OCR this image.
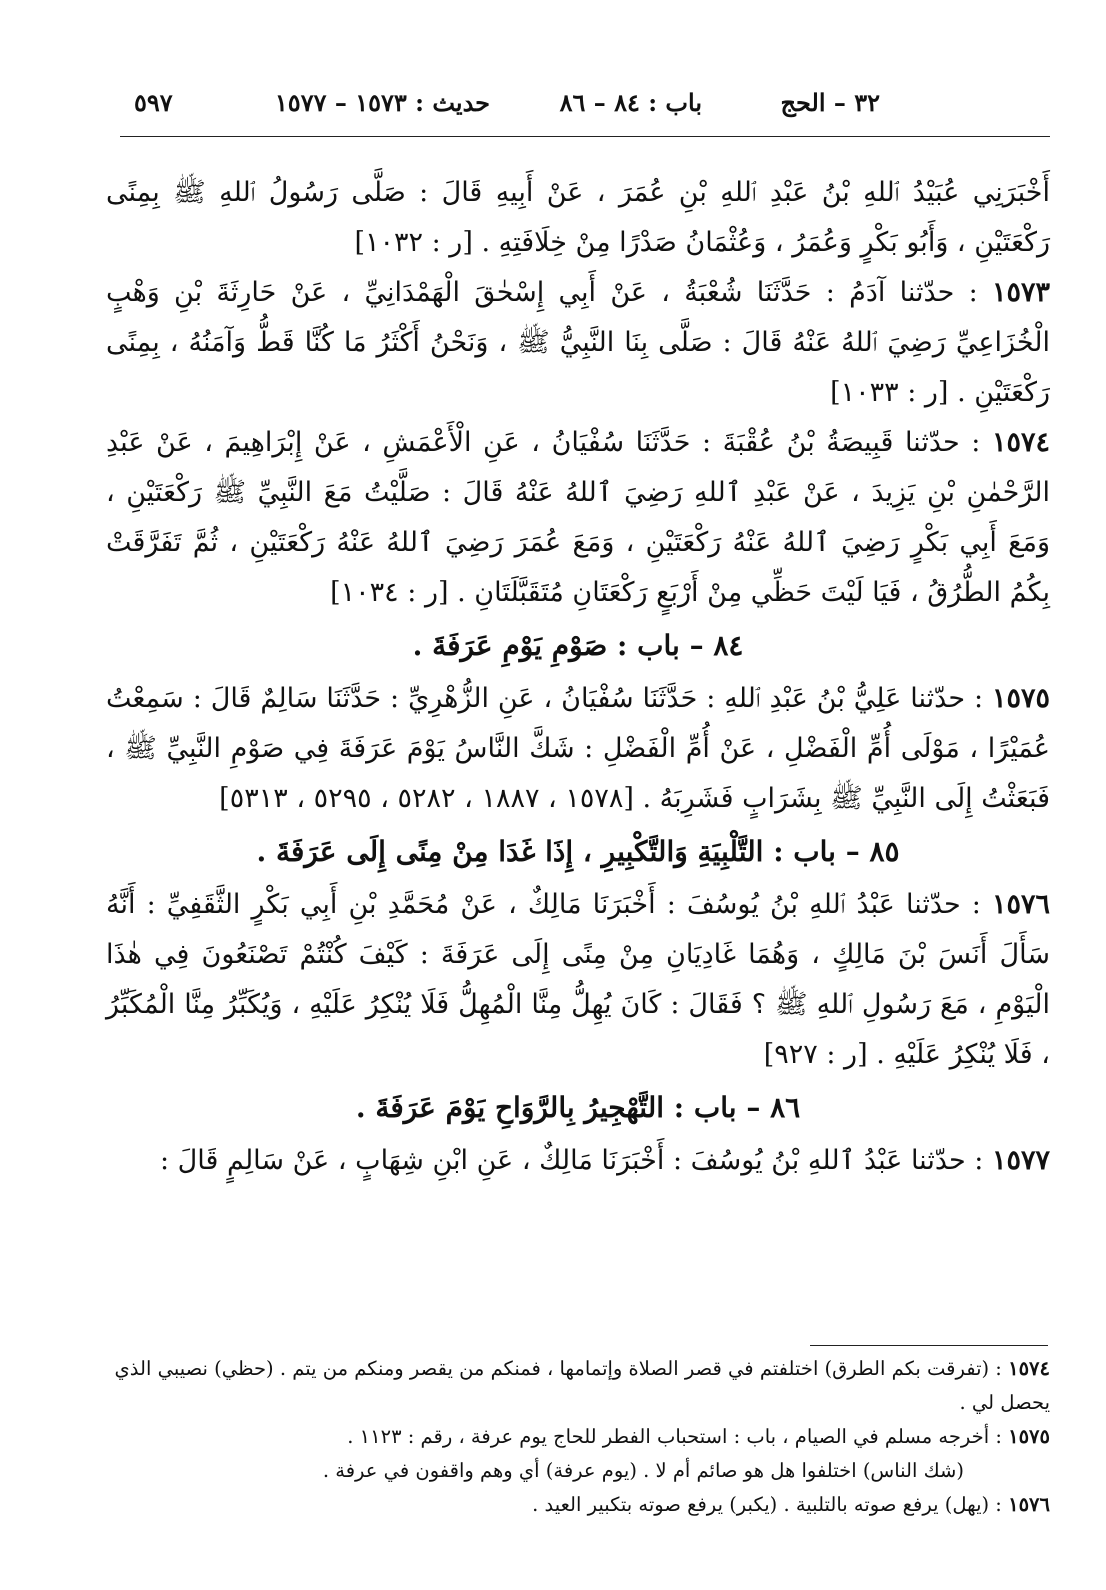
٣٢ – الحج
باب : ٨٤ – ٨٦
حديث : ١٥٧٣ – ١٥٧٧
٥٩٧

أَخْبَرَنِي عُبَيْدُ ٱللهِ بْنُ عَبْدِ ٱللهِ بْنِ عُمَرَ ، عَنْ أَبِيهِ قَالَ : صَلَّى رَسُولُ ٱللهِ ﷺ بِمِنًى رَكْعَتَيْنِ ، وَأَبُو بَكْرٍ وَعُمَرُ ، وَعُثْمَانُ صَدْرًا مِنْ خِلَافَتِهِ . [ر : ١٠٣٢]

١٥٧٣ : حدّثنا آدَمُ : حَدَّثَنَا شُعْبَةُ ، عَنْ أَبِي إِسْحٰقَ الْهَمْدَانِيِّ ، عَنْ حَارِثَةَ بْنِ وَهْبٍ الْخُزَاعِيِّ رَضِيَ ٱللهُ عَنْهُ قَالَ : صَلَّى بِنَا النَّبِيُّ ﷺ ، وَنَحْنُ أَكْثَرُ مَا كُنَّا قَطُّ وَآمَنُهُ ، بِمِنًى رَكْعَتَيْنِ . [ر : ١٠٣٣]

١٥٧٤ : حدّثنا قَبِيصَةُ بْنُ عُقْبَةَ : حَدَّثَنَا سُفْيَانُ ، عَنِ الْأَعْمَشِ ، عَنْ إِبْرَاهِيمَ ، عَنْ عَبْدِ الرَّحْمٰنِ بْنِ يَزِيدَ ، عَنْ عَبْدِ ٱللهِ رَضِيَ ٱللهُ عَنْهُ قَالَ : صَلَّيْتُ مَعَ النَّبِيِّ ﷺ رَكْعَتَيْنِ ، وَمَعَ أَبِي بَكْرٍ رَضِيَ ٱللهُ عَنْهُ رَكْعَتَيْنِ ، وَمَعَ عُمَرَ رَضِيَ ٱللهُ عَنْهُ رَكْعَتَيْنِ ، ثُمَّ تَفَرَّقَتْ بِكُمُ الطُّرُقُ ، فَيَا لَيْتَ حَظِّي مِنْ أَرْبَعٍ رَكْعَتَانِ مُتَقَبَّلَتَانِ . [ر : ١٠٣٤]

٨٤ – باب : صَوْمِ يَوْمِ عَرَفَةَ .

١٥٧٥ : حدّثنا عَلِيُّ بْنُ عَبْدِ ٱللهِ : حَدَّثَنَا سُفْيَانُ ، عَنِ الزُّهْرِيِّ : حَدَّثَنَا سَالِمٌ قَالَ : سَمِعْتُ عُمَيْرًا ، مَوْلَى أُمِّ الْفَضْلِ ، عَنْ أُمِّ الْفَضْلِ : شَكَّ النَّاسُ يَوْمَ عَرَفَةَ فِي صَوْمِ النَّبِيِّ ﷺ ، فَبَعَثْتُ إِلَى النَّبِيِّ ﷺ بِشَرَابٍ فَشَرِبَهُ . [١٥٧٨ ، ١٨٨٧ ، ٥٢٨٢ ، ٥٢٩٥ ، ٥٣١٣]

٨٥ – باب : التَّلْبِيَةِ وَالتَّكْبِيرِ ، إِذَا غَدَا مِنْ مِنًى إِلَى عَرَفَةَ .

١٥٧٦ : حدّثنا عَبْدُ ٱللهِ بْنُ يُوسُفَ : أَخْبَرَنَا مَالِكٌ ، عَنْ مُحَمَّدِ بْنِ أَبِي بَكْرٍ الثَّقَفِيِّ : أَنَّهُ سَأَلَ أَنَسَ بْنَ مَالِكٍ ، وَهُمَا غَادِيَانِ مِنْ مِنًى إِلَى عَرَفَةَ : كَيْفَ كُنْتُمْ تَصْنَعُونَ فِي هٰذَا الْيَوْمِ ، مَعَ رَسُولِ ٱللهِ ﷺ ؟ فَقَالَ : كَانَ يُهِلُّ مِنَّا الْمُهِلُّ فَلَا يُنْكِرُ عَلَيْهِ ، وَيُكَبِّرُ مِنَّا الْمُكَبِّرُ ، فَلَا يُنْكِرُ عَلَيْهِ . [ر : ٩٢٧]

٨٦ – باب : التَّهْجِيرُ بِالرَّوَاحِ يَوْمَ عَرَفَةَ .

١٥٧٧ : حدّثنا عَبْدُ ٱللهِ بْنُ يُوسُفَ : أَخْبَرَنَا مَالِكٌ ، عَنِ ابْنِ شِهَابٍ ، عَنْ سَالِمٍ قَالَ :

١٥٧٤ : (تفرقت بكم الطرق) اختلفتم في قصر الصلاة وإتمامها ، فمنكم من يقصر ومنكم من يتم . (حظي) نصيبي الذي يحصل لي .

١٥٧٥ : أخرجه مسلم في الصيام ، باب : استحباب الفطر للحاج يوم عرفة ، رقم : ١١٢٣ .

(شك الناس) اختلفوا هل هو صائم أم لا . (يوم عرفة) أي وهم واقفون في عرفة .

١٥٧٦ : (يهل) يرفع صوته بالتلبية . (يكبر) يرفع صوته بتكبير العيد .
